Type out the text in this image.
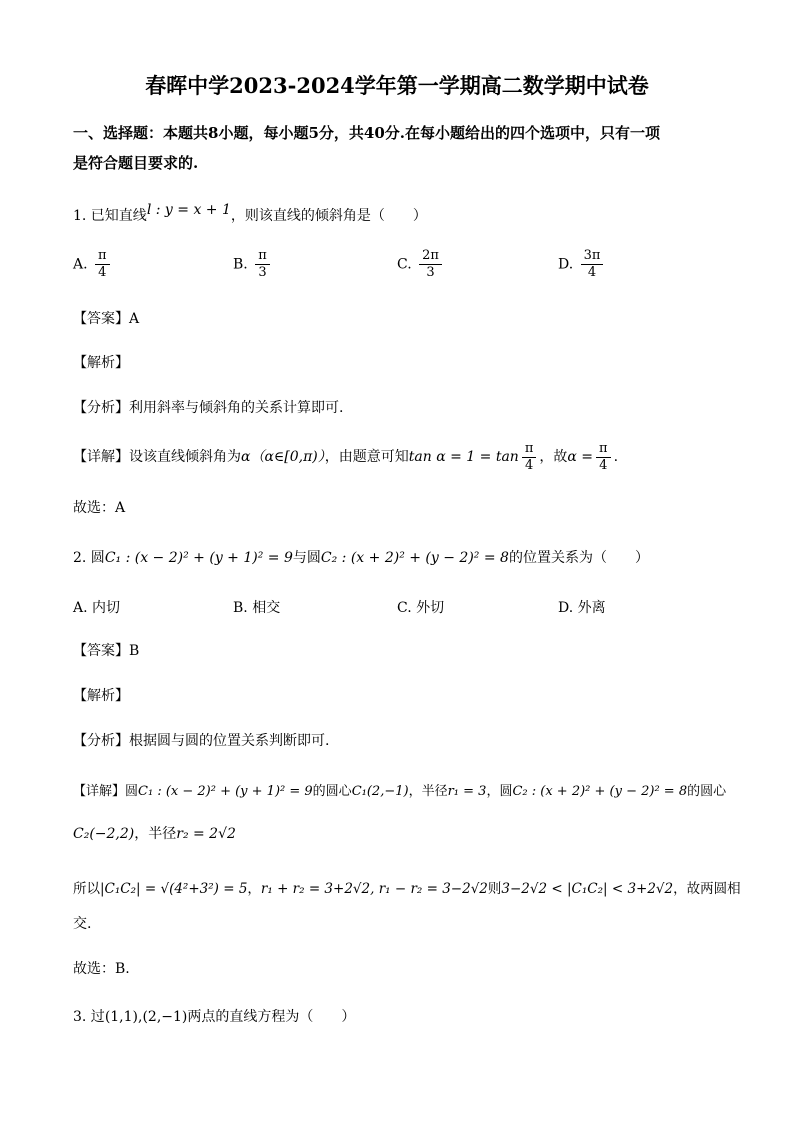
春晖中学2023-2024学年第一学期高二数学期中试卷
一、选择题：本题共8小题，每小题5分，共40分.在每小题给出的四个选项中，只有一项
是符合题目要求的.
1. 已知直线l : y = x + 1，则该直线的倾斜角是（　　）
A. $\frac{\pi}{4}$	B. $\frac{\pi}{3}$	C. $\frac{2\pi}{3}$	D. $\frac{3\pi}{4}$
【答案】A
【解析】
【分析】利用斜率与倾斜角的关系计算即可.
【详解】设该直线倾斜角为α（α∈[0,π)），由题意可知$\tan \alpha = 1 = \tan \frac{\pi}{4}$ ，故$\alpha = \frac{\pi}{4}$ .
故选：A
2. 圆C₁ : (x − 2)² + (y + 1)² = 9与圆C₂ : (x + 2)² + (y − 2)² = 8的位置关系为（　　）
A. 内切	B. 相交	C. 外切	D. 外离
【答案】B
【解析】
【分析】根据圆与圆的位置关系判断即可.
【详解】圆C₁ : (x − 2)² + (y + 1)² = 9的圆心C₁(2,−1)，半径r₁ = 3，圆C₂ : (x + 2)² + (y − 2)² = 8的圆心
C₂(−2,2)，半径r₂ = 2√2
所以|C₁C₂| = √(4²+3²) = 5，r₁ + r₂ = 3+2√2, r₁ − r₂ = 3−2√2则3−2√2 < |C₁C₂| < 3+2√2，故两圆相
交.
故选：B.
3. 过(1,1),(2,−1)两点的直线方程为（　　）
